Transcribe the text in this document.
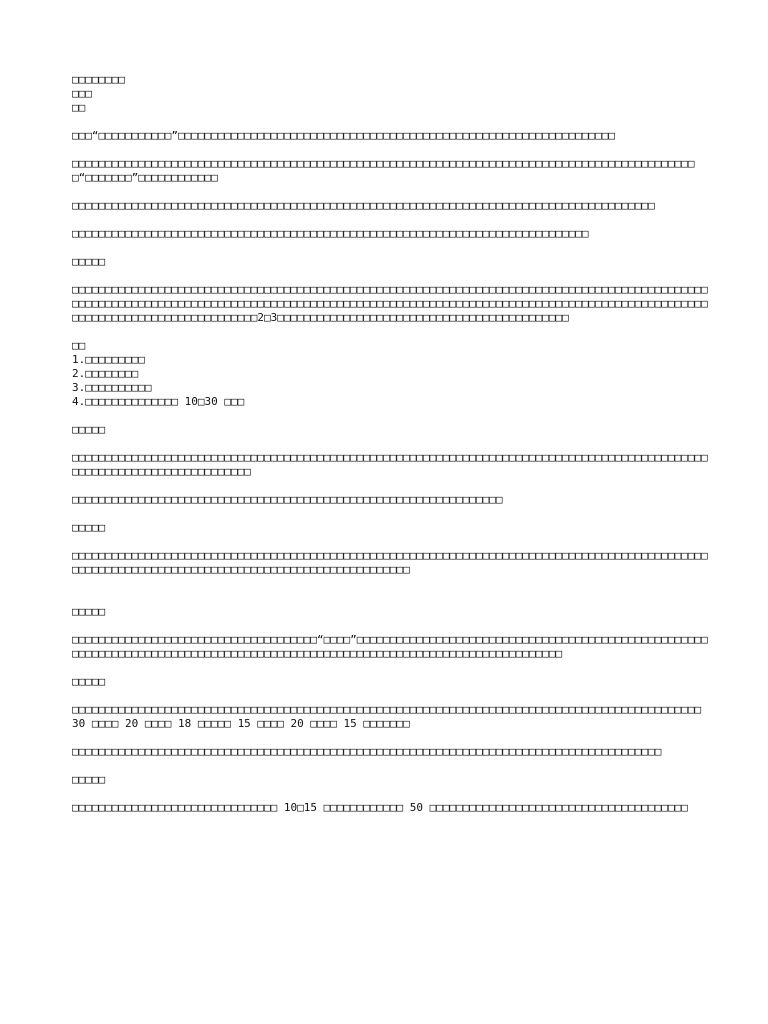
□□□□□□□□

□□□

□□

□□□“□□□□□□□□□□□”□□□□□□□□□□□□□□□□□□□□□□□□□□□□□□□□□□□□□□□□□□□□□□□□□□□□□□□□□□□□□□□□□□

□□□□□□□□□□□□□□□□□□□□□□□□□□□□□□□□□□□□□□□□□□□□□□□□□□□□□□□□□□□□□□□□□□□□□□□□□□□□□□□□□□□□□□□□□□□□□□□“□□□□□□□”□□□□□□□□□□□□

□□□□□□□□□□□□□□□□□□□□□□□□□□□□□□□□□□□□□□□□□□□□□□□□□□□□□□□□□□□□□□□□□□□□□□□□□□□□□□□□□□□□□□□□

□□□□□□□□□□□□□□□□□□□□□□□□□□□□□□□□□□□□□□□□□□□□□□□□□□□□□□□□□□□□□□□□□□□□□□□□□□□□□□

□□□□□

□□□□□□□□□□□□□□□□□□□□□□□□□□□□□□□□□□□□□□□□□□□□□□□□□□□□□□□□□□□□□□□□□□□□□□□□□□□□□□□□□□□□□□□□□□□□□□□□□□□□□□□□□□□□□□□□□□□□□□□□□□□□□□□□□□□□□□□□□□□□□□□□□□□□□□□□□□□□□□□□□□□□□□□□□□□□□□□□□□□□□□□□□□□□□□□□□□□□□□□□□□□□□□□□□□□□□□□□□□□□2□3□□□□□□□□□□□□□□□□□□□□□□□□□□□□□□□□□□□□□□□□□□□□

□□

1.□□□□□□□□□

2.□□□□□□□□

3.□□□□□□□□□□

4.□□□□□□□□□□□□□□ 10□30 □□□

□□□□□

□□□□□□□□□□□□□□□□□□□□□□□□□□□□□□□□□□□□□□□□□□□□□□□□□□□□□□□□□□□□□□□□□□□□□□□□□□□□□□□□□□□□□□□□□□□□□□□□□□□□□□□□□□□□□□□□□□□□□□□□□□□

□□□□□□□□□□□□□□□□□□□□□□□□□□□□□□□□□□□□□□□□□□□□□□□□□□□□□□□□□□□□□□□□□

□□□□□

□□□□□□□□□□□□□□□□□□□□□□□□□□□□□□□□□□□□□□□□□□□□□□□□□□□□□□□□□□□□□□□□□□□□□□□□□□□□□□□□□□□□□□□□□□□□□□□□□□□□□□□□□□□□□□□□□□□□□□□□□□□□□□□□□□□□□□□□□□□□□□□□□□□

□□□□□

□□□□□□□□□□□□□□□□□□□□□□□□□□□□□□□□□□□□□“□□□□”□□□□□□□□□□□□□□□□□□□□□□□□□□□□□□□□□□□□□□□□□□□□□□□□□□□□□□□□□□□□□□□□□□□□□□□□□□□□□□□□□□□□□□□□□□□□□□□□□□□□□□□□□□□□□□□□□□□□□□□□□□□□□□□

□□□□□

□□□□□□□□□□□□□□□□□□□□□□□□□□□□□□□□□□□□□□□□□□□□□□□□□□□□□□□□□□□□□□□□□□□□□□□□□□□□□□□□□□□□□□□□□□□□□□□ 30 □□□□ 20 □□□□ 18 □□□□□ 15 □□□□ 20 □□□□ 15 □□□□□□□

□□□□□□□□□□□□□□□□□□□□□□□□□□□□□□□□□□□□□□□□□□□□□□□□□□□□□□□□□□□□□□□□□□□□□□□□□□□□□□□□□□□□□□□□□

□□□□□

□□□□□□□□□□□□□□□□□□□□□□□□□□□□□□□ 10□15 □□□□□□□□□□□□ 50 □□□□□□□□□□□□□□□□□□□□□□□□□□□□□□□□□□□□□□□
